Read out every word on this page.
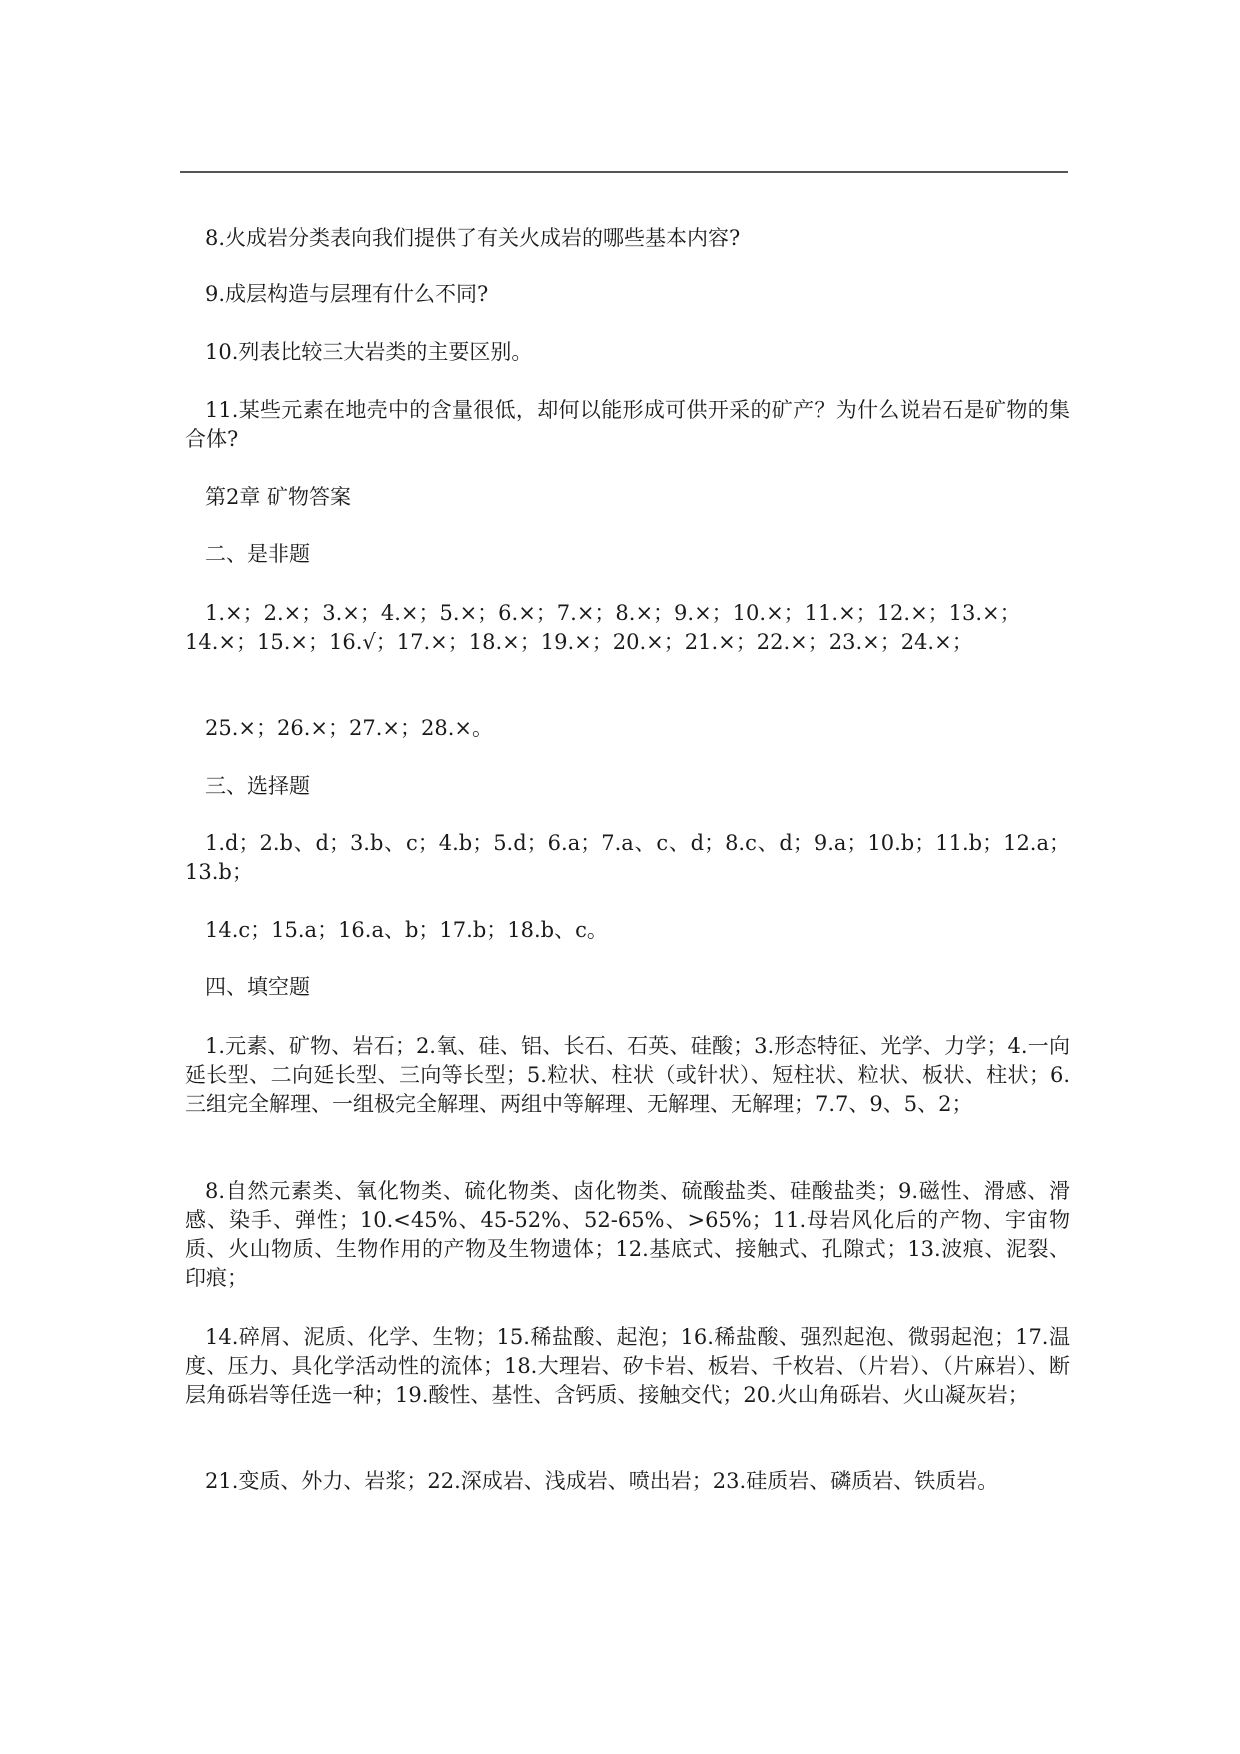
8.火成岩分类表向我们提供了有关火成岩的哪些基本内容?

9.成层构造与层理有什么不同?

10.列表比较三大岩类的主要区别。

11.某些元素在地壳中的含量很低，却何以能形成可供开采的矿产？为什么说岩石是矿物的集合体?

第2章 矿物答案

二、是非题

1.×；2.×；3.×；4.×；5.×；6.×；7.×；8.×；9.×；10.×；11.×；12.×；13.×；14.×；15.×；16.√；17.×；18.×；19.×；20.×；21.×；22.×；23.×；24.×；

25.×；26.×；27.×；28.×。

三、选择题

1.d；2.b、d；3.b、c；4.b；5.d；6.a；7.a、c、d；8.c、d；9.a；10.b；11.b；12.a；13.b；

14.c；15.a；16.a、b；17.b；18.b、c。

四、填空题

1.元素、矿物、岩石；2.氧、硅、铝、长石、石英、硅酸；3.形态特征、光学、力学；4.一向延长型、二向延长型、三向等长型；5.粒状、柱状（或针状）、短柱状、粒状、板状、柱状；6.三组完全解理、一组极完全解理、两组中等解理、无解理、无解理；7.7、9、5、2；

8.自然元素类、氧化物类、硫化物类、卤化物类、硫酸盐类、硅酸盐类；9.磁性、滑感、滑感、染手、弹性；10.<45%、45-52%、52-65%、>65%；11.母岩风化后的产物、宇宙物质、火山物质、生物作用的产物及生物遗体；12.基底式、接触式、孔隙式；13.波痕、泥裂、印痕；

14.碎屑、泥质、化学、生物；15.稀盐酸、起泡；16.稀盐酸、强烈起泡、微弱起泡；17.温度、压力、具化学活动性的流体；18.大理岩、矽卡岩、板岩、千枚岩、（片岩）、（片麻岩）、断层角砾岩等任选一种；19.酸性、基性、含钙质、接触交代；20.火山角砾岩、火山凝灰岩；

21.变质、外力、岩浆；22.深成岩、浅成岩、喷出岩；23.硅质岩、磷质岩、铁质岩。
